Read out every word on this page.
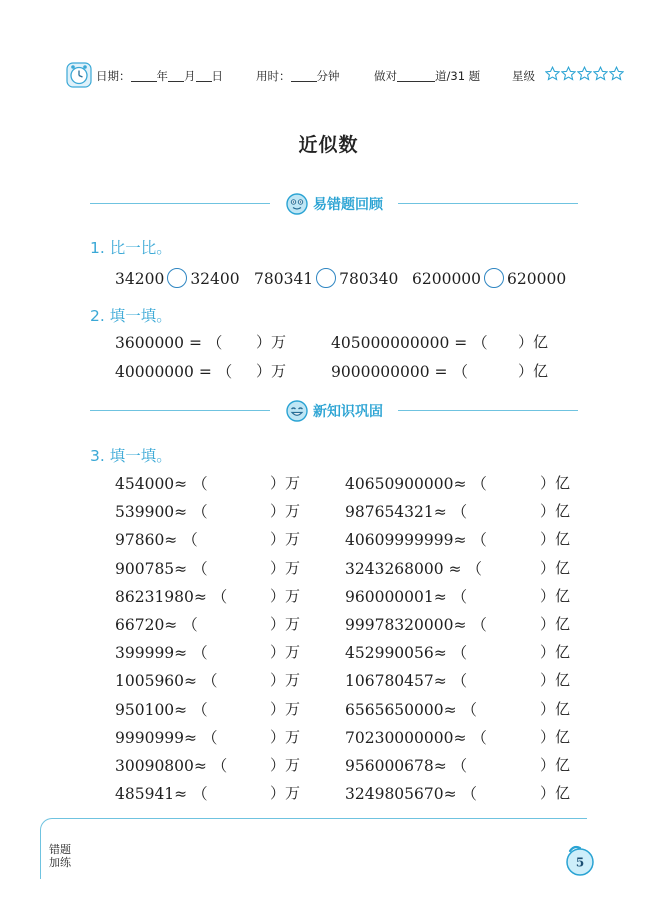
日期： 年 月 日	用时： 分钟	做对	道/31 题	星级
近似数
易错题回顾
1. 比一比。
34200 32400 780341 780340 6200000 620000
2. 填一填。
3600000 = （ ）万	405000000000 = （ ）亿
40000000 = （ ）万	9000000000 = （	）亿
新知识巩固
3. 填一填。
454000≈ （	）万	40650900000≈ （	）亿
539900≈ （	）万	987654321≈ （	）亿
97860≈ （	）万	40609999999≈ （	）亿
900785≈ （	）万	3243268000 ≈ （	）亿
86231980≈ （	）万	960000001≈ （	）亿
66720≈ （	）万	99978320000≈ （	）亿
399999≈ （	）万	452990056≈ （	）亿
1005960≈ （	）万	106780457≈ （	）亿
950100≈ （	）万	6565650000≈ （	）亿
9990999≈ （	）万	70230000000≈ （	）亿
30090800≈ （	）万	956000678≈ （	）亿
485941≈ （	）万	3249805670≈ （	）亿
错题
加练	5
